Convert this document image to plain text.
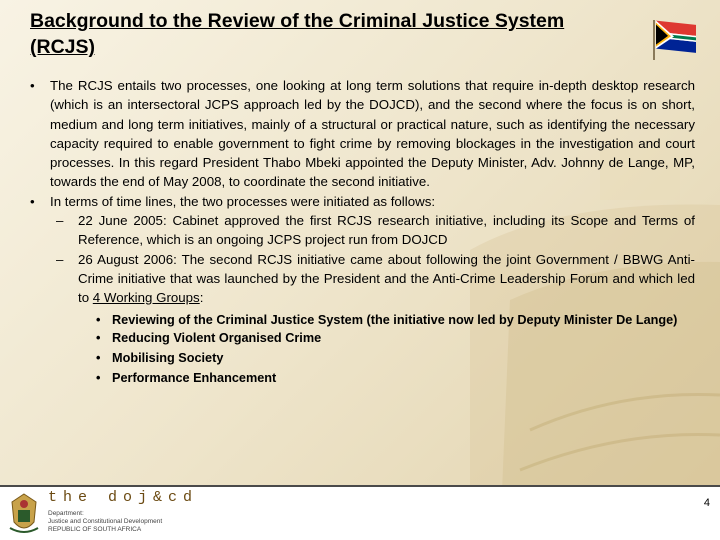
Background to the Review of the Criminal Justice System (RCJS)
• The RCJS entails two processes, one looking at long term solutions that require in-depth desktop research (which is an intersectoral JCPS approach led by the DOJCD), and the second where the focus is on short, medium and long term initiatives, mainly of a structural or practical nature, such as identifying the necessary capacity required to enable government to fight crime by removing blockages in the investigation and court processes. In this regard President Thabo Mbeki appointed the Deputy Minister, Adv. Johnny de Lange, MP, towards the end of May 2008, to coordinate the second initiative.
• In terms of time lines, the two processes were initiated as follows:
– 22 June 2005: Cabinet approved the first RCJS research initiative, including its Scope and Terms of Reference, which is an ongoing JCPS project run from DOJCD
– 26 August 2006: The second RCJS initiative came about following the joint Government / BBWG Anti-Crime initiative that was launched by the President and the Anti-Crime Leadership Forum and which led to 4 Working Groups:
• Reviewing of the Criminal Justice System (the initiative now led by Deputy Minister De Lange)
• Reducing Violent Organised Crime
• Mobilising Society
• Performance Enhancement
the doj&cd
Department:
Justice and Constitutional Development
REPUBLIC OF SOUTH AFRICA
4
